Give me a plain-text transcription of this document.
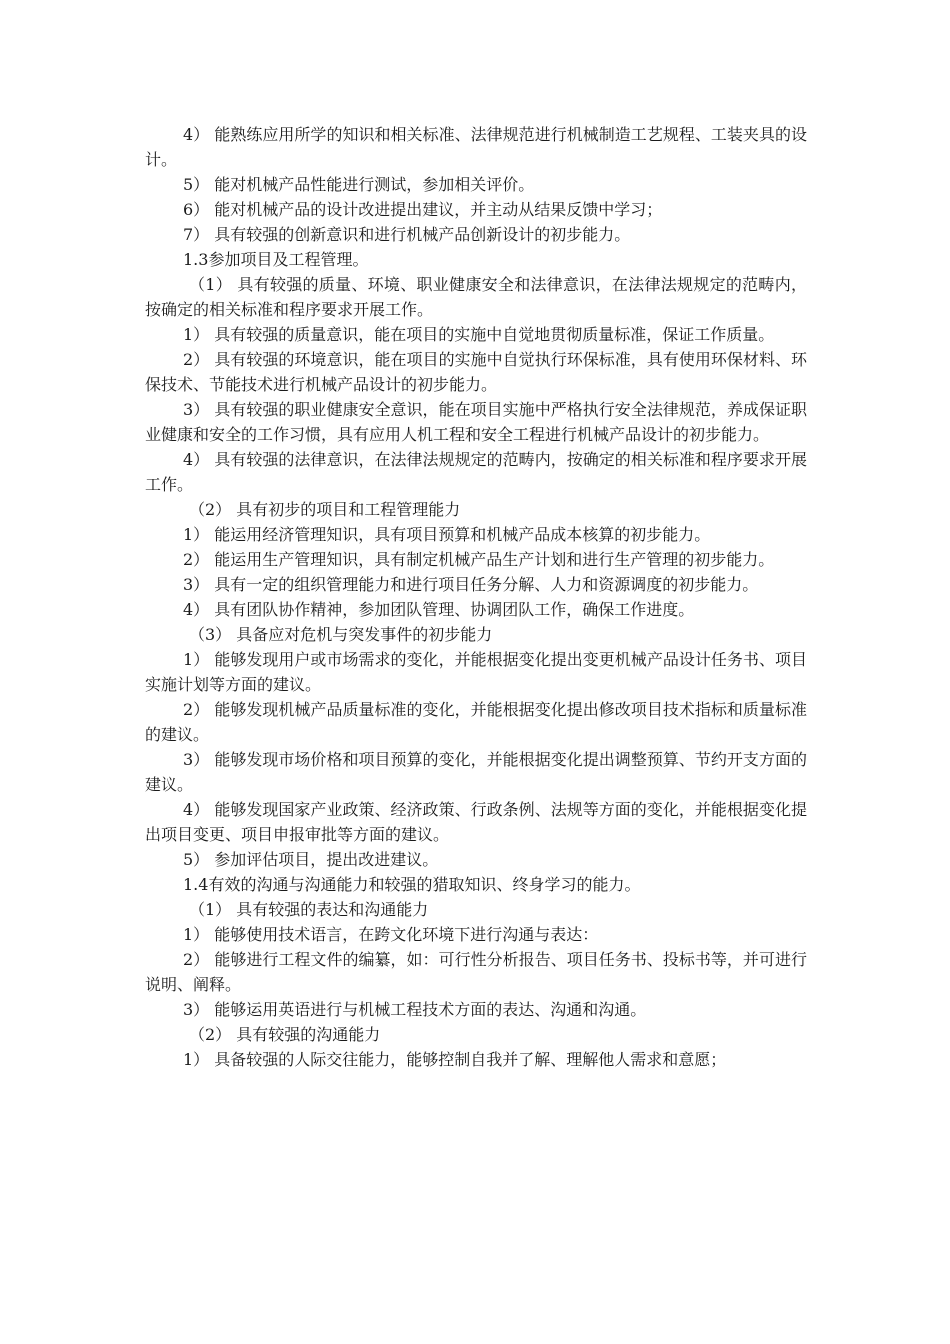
4） 能熟练应用所学的知识和相关标准、法律规范进行机械制造工艺规程、工装夹具的设计。

5） 能对机械产品性能进行测试，参加相关评价。

6） 能对机械产品的设计改进提出建议，并主动从结果反馈中学习；

7） 具有较强的创新意识和进行机械产品创新设计的初步能力。

1.3参加项目及工程管理。

（1） 具有较强的质量、环境、职业健康安全和法律意识，在法律法规规定的范畴内，按确定的相关标准和程序要求开展工作。

1） 具有较强的质量意识，能在项目的实施中自觉地贯彻质量标准，保证工作质量。

2） 具有较强的环境意识，能在项目的实施中自觉执行环保标准，具有使用环保材料、环保技术、节能技术进行机械产品设计的初步能力。

3） 具有较强的职业健康安全意识，能在项目实施中严格执行安全法律规范，养成保证职业健康和安全的工作习惯，具有应用人机工程和安全工程进行机械产品设计的初步能力。

4） 具有较强的法律意识，在法律法规规定的范畴内，按确定的相关标准和程序要求开展工作。

（2） 具有初步的项目和工程管理能力

1） 能运用经济管理知识，具有项目预算和机械产品成本核算的初步能力。

2） 能运用生产管理知识，具有制定机械产品生产计划和进行生产管理的初步能力。

3） 具有一定的组织管理能力和进行项目任务分解、人力和资源调度的初步能力。

4） 具有团队协作精神，参加团队管理、协调团队工作，确保工作进度。

（3） 具备应对危机与突发事件的初步能力

1） 能够发现用户或市场需求的变化，并能根据变化提出变更机械产品设计任务书、项目实施计划等方面的建议。

2） 能够发现机械产品质量标准的变化，并能根据变化提出修改项目技术指标和质量标准的建议。

3） 能够发现市场价格和项目预算的变化，并能根据变化提出调整预算、节约开支方面的建议。

4） 能够发现国家产业政策、经济政策、行政条例、法规等方面的变化，并能根据变化提出项目变更、项目申报审批等方面的建议。

5） 参加评估项目，提出改进建议。

1.4有效的沟通与沟通能力和较强的猎取知识、终身学习的能力。

（1） 具有较强的表达和沟通能力

1） 能够使用技术语言，在跨文化环境下进行沟通与表达：

2） 能够进行工程文件的编纂，如：可行性分析报告、项目任务书、投标书等，并可进行说明、阐释。

3） 能够运用英语进行与机械工程技术方面的表达、沟通和沟通。

（2） 具有较强的沟通能力

1） 具备较强的人际交往能力，能够控制自我并了解、理解他人需求和意愿；
